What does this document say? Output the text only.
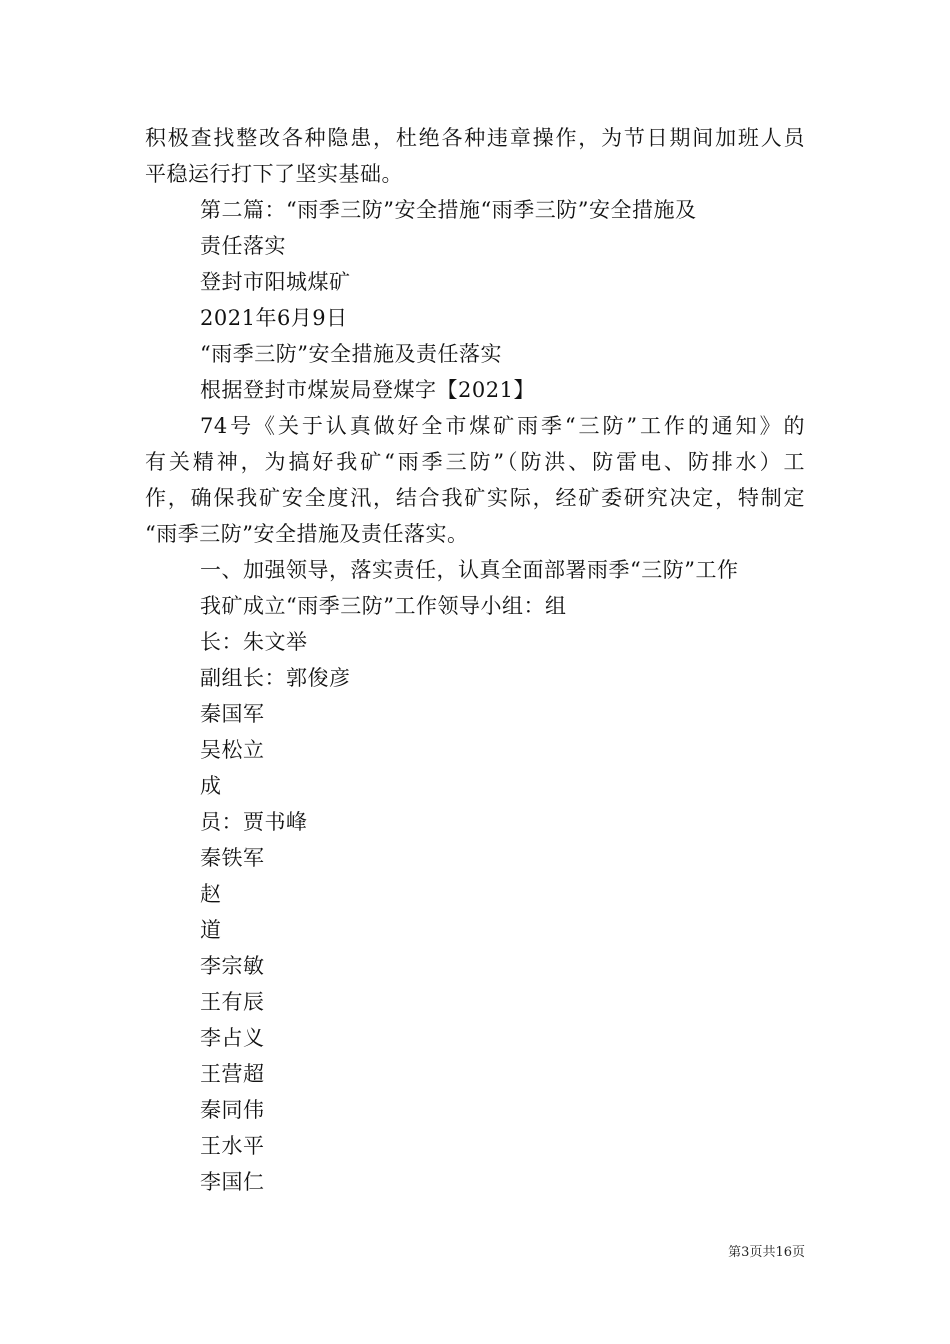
积极查找整改各种隐患，杜绝各种违章操作，为节日期间加班人员
平稳运行打下了坚实基础。
第二篇：“雨季三防”安全措施“雨季三防”安全措施及
责任落实
登封市阳城煤矿
2021年6月9日
“雨季三防”安全措施及责任落实
根据登封市煤炭局登煤字【2021】
74号《关于认真做好全市煤矿雨季“三防”工作的通知》的
有关精神，为搞好我矿“雨季三防”（防洪、防雷电、防排水）工
作，确保我矿安全度汛，结合我矿实际，经矿委研究决定，特制定
“雨季三防”安全措施及责任落实。
一、加强领导，落实责任，认真全面部署雨季“三防”工作
我矿成立“雨季三防”工作领导小组：组
长：朱文举
副组长：郭俊彦
秦国军
吴松立
成
员：贾书峰
秦铁军
赵
道
李宗敏
王有辰
李占义
王营超
秦同伟
王水平
李国仁
第3页共16页
